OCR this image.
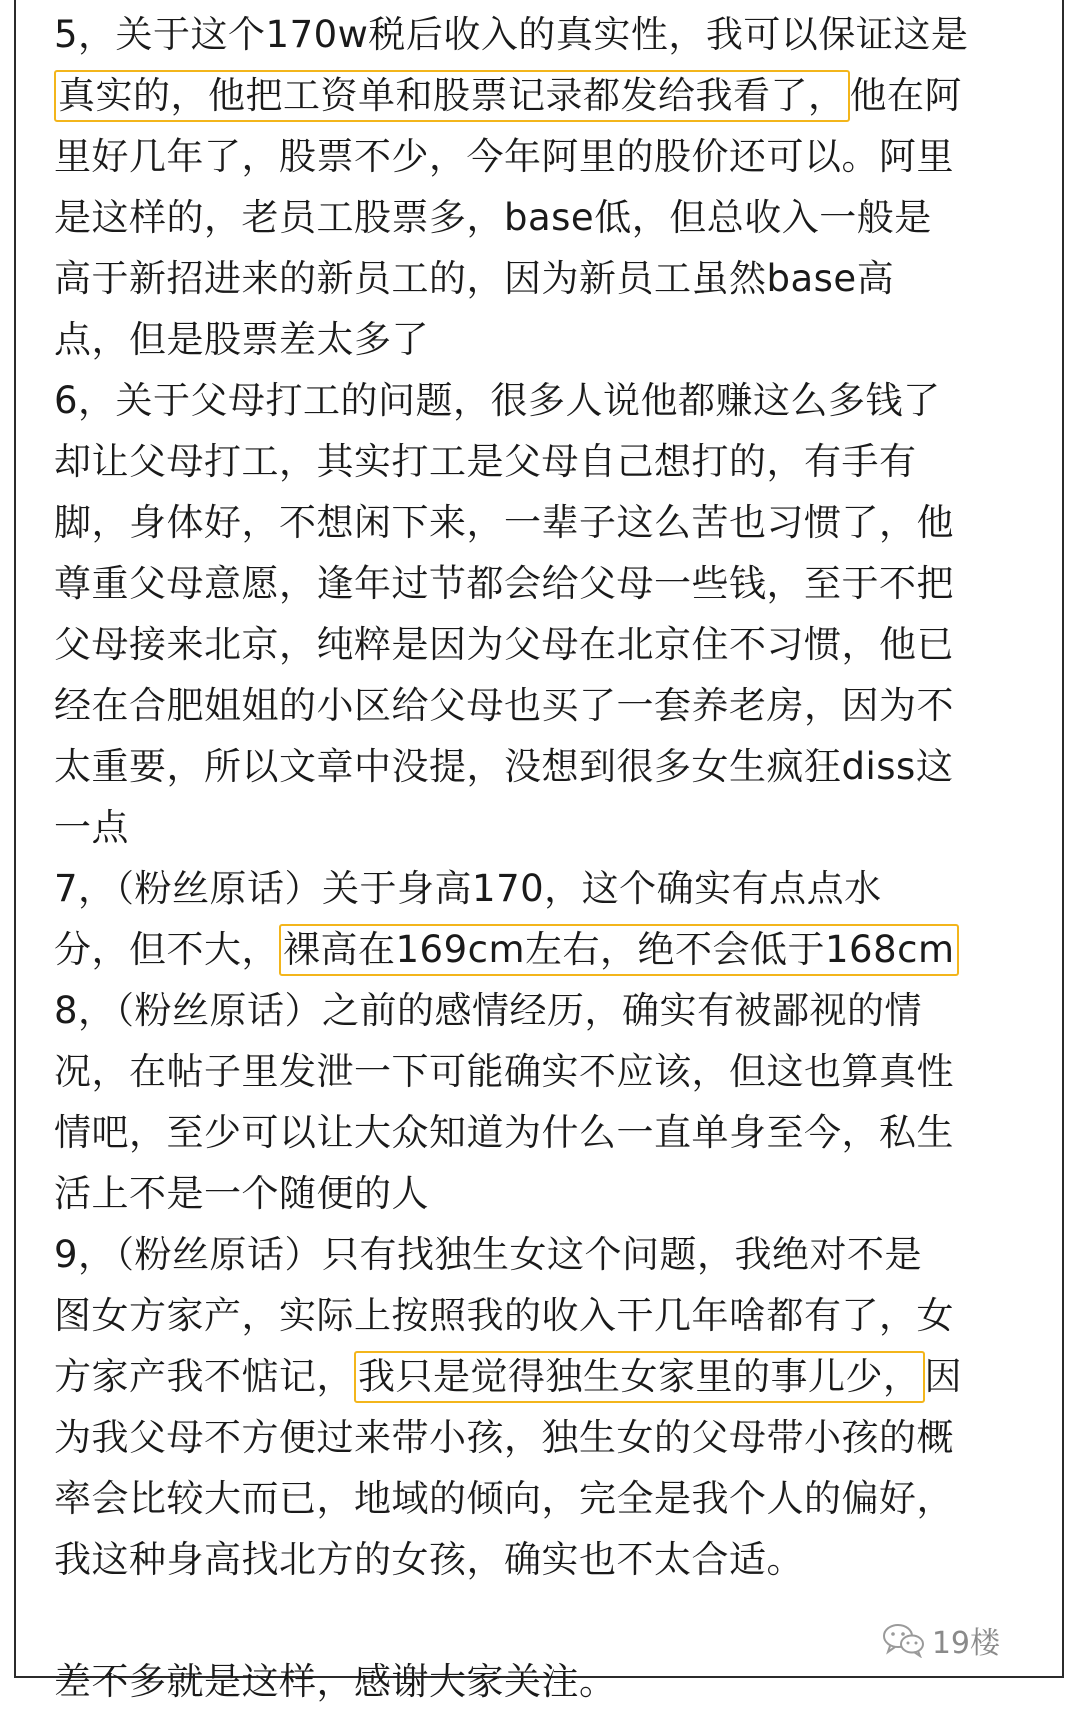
5，关于这个170w税后收入的真实性，我可以保证这是
真实的，他把工资单和股票记录都发给我看了， 他在阿
里好几年了，股票不少，今年阿里的股价还可以。阿里
是这样的，老员工股票多，base低，但总收入一般是
高于新招进来的新员工的，因为新员工虽然base高
点，但是股票差太多了
6，关于父母打工的问题，很多人说他都赚这么多钱了
却让父母打工，其实打工是父母自己想打的，有手有
脚，身体好，不想闲下来，一辈子这么苦也习惯了，他
尊重父母意愿，逢年过节都会给父母一些钱，至于不把
父母接来北京，纯粹是因为父母在北京住不习惯，他已
经在合肥姐姐的小区给父母也买了一套养老房，因为不
太重要，所以文章中没提，没想到很多女生疯狂diss这
一点
7，（粉丝原话）关于身高170，这个确实有点点水
分，但不大， 裸高在169cm左右，绝不会低于168cm
8，（粉丝原话）之前的感情经历，确实有被鄙视的情
况，在帖子里发泄一下可能确实不应该，但这也算真性
情吧，至少可以让大众知道为什么一直单身至今，私生
活上不是一个随便的人
9，（粉丝原话）只有找独生女这个问题，我绝对不是
图女方家产，实际上按照我的收入干几年啥都有了，女
方家产我不惦记， 我只是觉得独生女家里的事儿少， 因
为我父母不方便过来带小孩，独生女的父母带小孩的概
率会比较大而已，地域的倾向，完全是我个人的偏好，
我这种身高找北方的女孩，确实也不太合适。
差不多就是这样，感谢大家关注。
19楼
